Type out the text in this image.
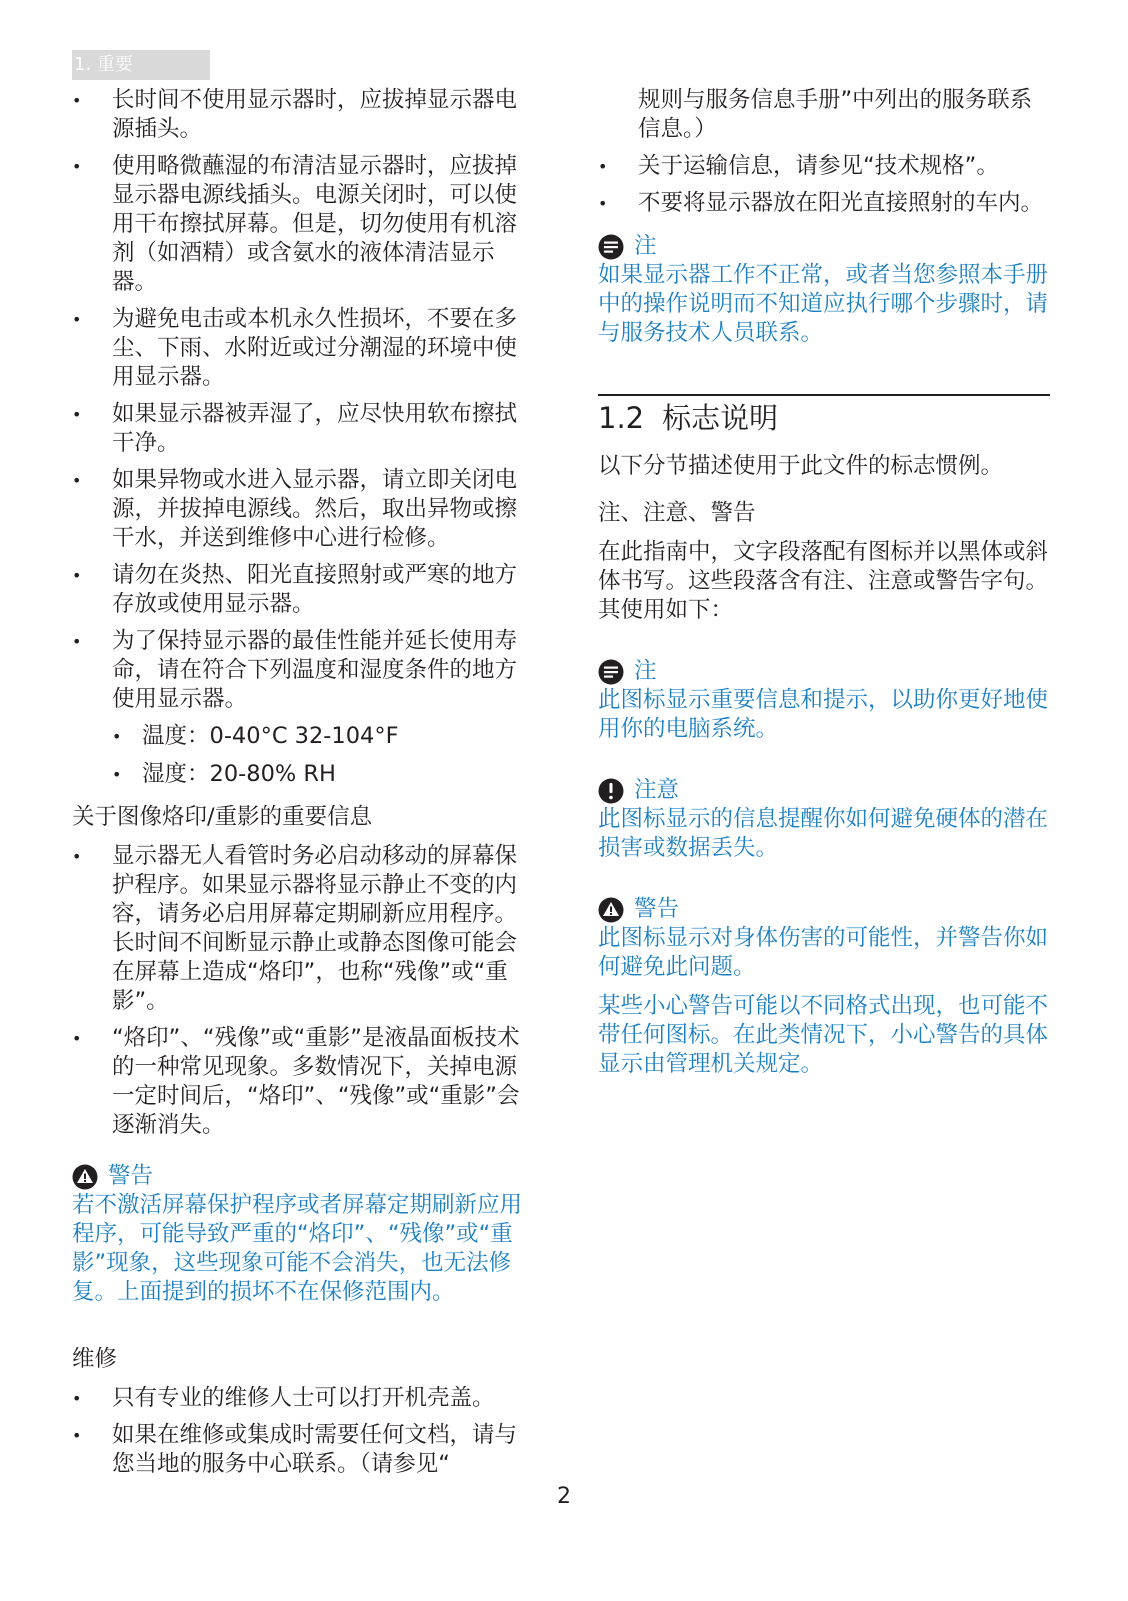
1. 重要
• 长时间不使用显示器时，应拔掉显示器电源插头。
• 使用略微蘸湿的布清洁显示器时，应拔掉显示器电源线插头。电源关闭时，可以使用干布擦拭屏幕。但是，切勿使用有机溶剂（如酒精）或含氨水的液体清洁显示器。
• 为避免电击或本机永久性损坏，不要在多尘、下雨、水附近或过分潮湿的环境中使用显示器。
• 如果显示器被弄湿了，应尽快用软布擦拭干净。
• 如果异物或水进入显示器，请立即关闭电源，并拔掉电源线。然后，取出异物或擦干水，并送到维修中心进行检修。
• 请勿在炎热、阳光直接照射或严寒的地方存放或使用显示器。
• 为了保持显示器的最佳性能并延长使用寿命，请在符合下列温度和湿度条件的地方使用显示器。
• 温度：0-40°C 32-104°F
• 湿度：20-80% RH
关于图像烙印/重影的重要信息
• 显示器无人看管时务必启动移动的屏幕保护程序。如果显示器将显示静止不变的内容，请务必启用屏幕定期刷新应用程序。长时间不间断显示静止或静态图像可能会在屏幕上造成“烙印”，也称“残像”或“重影”。
• “烙印”、“残像”或“重影”是液晶面板技术的一种常见现象。多数情况下，关掉电源一定时间后，“烙印”、“残像”或“重影”会逐渐消失。
警告
若不激活屏幕保护程序或者屏幕定期刷新应用程序，可能导致严重的“烙印”、“残像”或“重影”现象，这些现象可能不会消失，也无法修复。上面提到的损坏不在保修范围内。
维修
• 只有专业的维修人士可以打开机壳盖。
• 如果在维修或集成时需要任何文档，请与您当地的服务中心联系。（请参见“
规则与服务信息手册”中列出的服务联系信息。）
• 关于运输信息，请参见“技术规格”。
• 不要将显示器放在阳光直接照射的车内。
注
如果显示器工作不正常，或者当您参照本手册中的操作说明而不知道应执行哪个步骤时，请与服务技术人员联系。
1.2 标志说明
以下分节描述使用于此文件的标志惯例。
注、注意、警告
在此指南中，文字段落配有图标并以黑体或斜体书写。这些段落含有注、注意或警告字句。其使用如下：
注
此图标显示重要信息和提示，以助你更好地使用你的电脑系统。
注意
此图标显示的信息提醒你如何避免硬体的潜在损害或数据丢失。
警告
此图标显示对身体伤害的可能性，并警告你如何避免此问题。
某些小心警告可能以不同格式出现，也可能不带任何图标。在此类情况下，小心警告的具体显示由管理机关规定。
2
